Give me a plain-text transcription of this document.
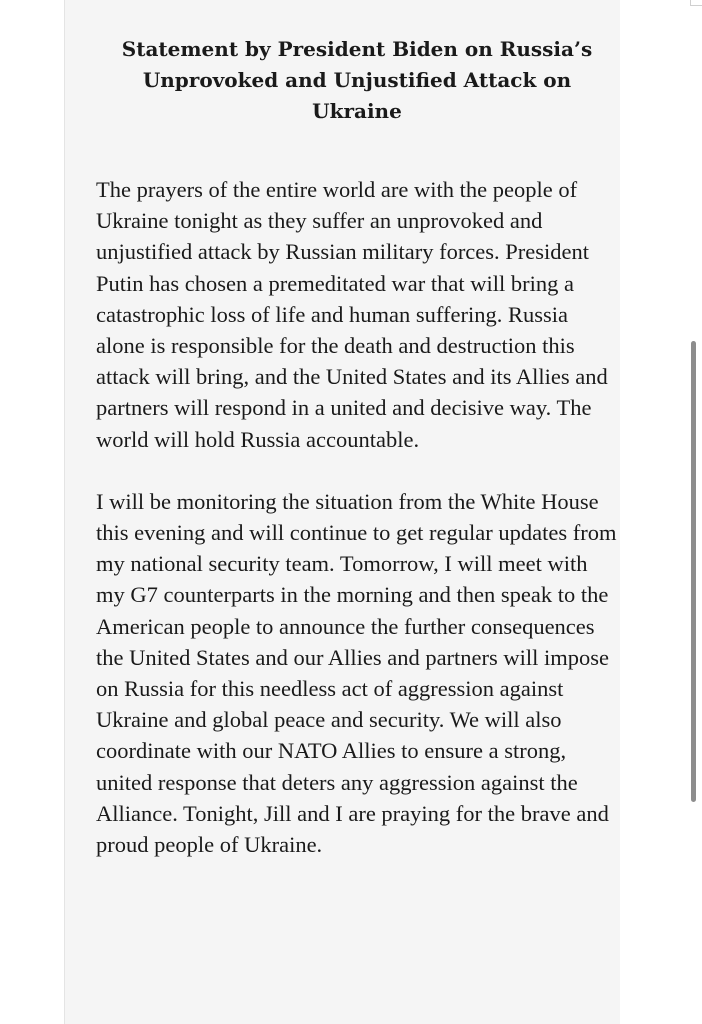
Statement by President Biden on Russia’s Unprovoked and Unjustified Attack on Ukraine

The prayers of the entire world are with the people of Ukraine tonight as they suffer an unprovoked and unjustified attack by Russian military forces. President Putin has chosen a premeditated war that will bring a catastrophic loss of life and human suffering. Russia alone is responsible for the death and destruction this attack will bring, and the United States and its Allies and partners will respond in a united and decisive way. The world will hold Russia accountable.

I will be monitoring the situation from the White House this evening and will continue to get regular updates from my national security team. Tomorrow, I will meet with my G7 counterparts in the morning and then speak to the American people to announce the further consequences the United States and our Allies and partners will impose on Russia for this needless act of aggression against Ukraine and global peace and security. We will also coordinate with our NATO Allies to ensure a strong, united response that deters any aggression against the Alliance. Tonight, Jill and I are praying for the brave and proud people of Ukraine.
